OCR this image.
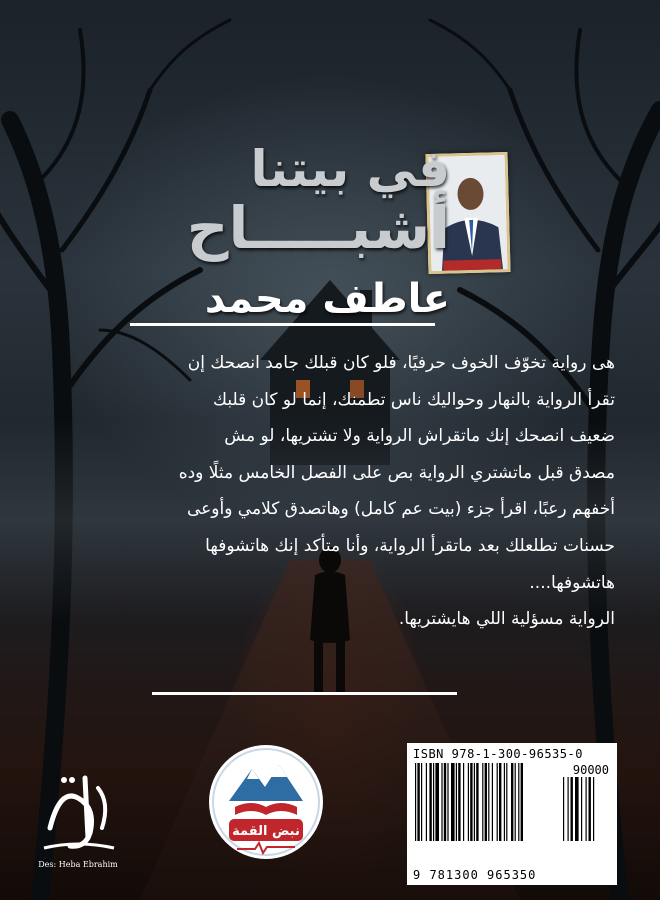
في بيتنا
أشبـــــاح
عاطف محمد

هى رواية تخوّف الخوف حرفيًا، فلو كان قبلك جامد انصحك إن

تقرأ الرواية بالنهار وحواليك ناس تطمنك، إنما لو كان قلبك

ضعيف انصحك إنك ماتقراش الرواية ولا تشتريها، لو مش

مصدق قبل ماتشتري الرواية بص على الفصل الخامس مثلًا وده

أخفهم رعبًا، اقرأ جزء (بيت عم كامل) وهاتصدق كلامي وأوعى

حسنات تطلعلك بعد ماتقرأ الرواية، وأنا متأكد إنك هاتشوفها

هاتشوفها....

الرواية مسؤلية اللي هايشتريها.

Des: Heba Ebrahim
نبض القمة
ISBN 978-1-300-96535-0
90000
9 781300 965350
